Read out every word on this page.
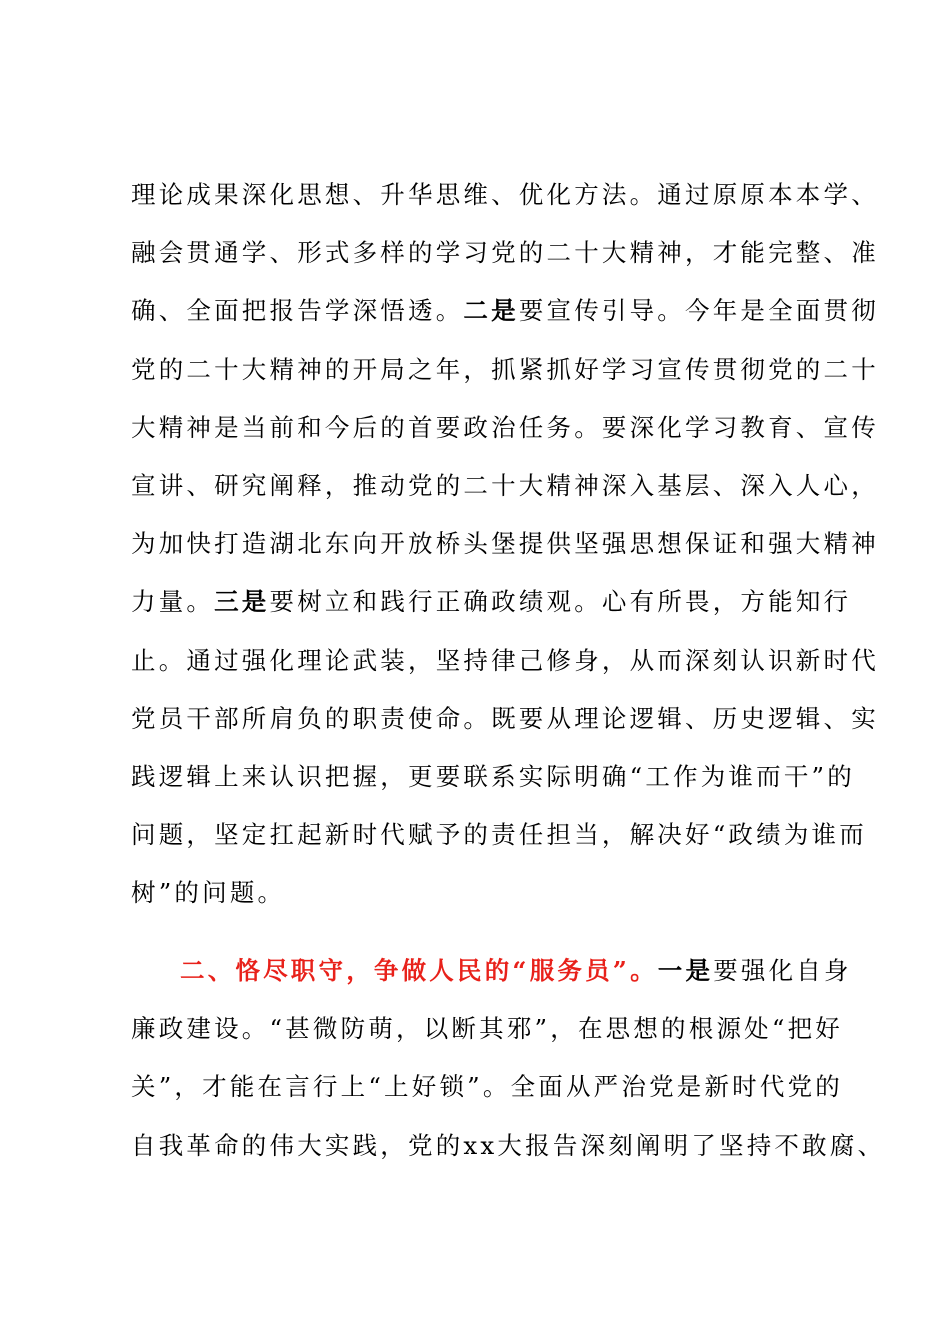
理论成果深化思想、升华思维、优化方法。通过原原本本学、
融会贯通学、形式多样的学习党的二十大精神，才能完整、准
确、全面把报告学深悟透。二是要宣传引导。今年是全面贯彻
党的二十大精神的开局之年，抓紧抓好学习宣传贯彻党的二十
大精神是当前和今后的首要政治任务。要深化学习教育、宣传
宣讲、研究阐释，推动党的二十大精神深入基层、深入人心，
为加快打造湖北东向开放桥头堡提供坚强思想保证和强大精神
力量。三是要树立和践行正确政绩观。心有所畏，方能知行
止。通过强化理论武装，坚持律己修身，从而深刻认识新时代
党员干部所肩负的职责使命。既要从理论逻辑、历史逻辑、实
践逻辑上来认识把握，更要联系实际明确“工作为谁而干”的
问题，坚定扛起新时代赋予的责任担当，解决好“政绩为谁而
树”的问题。
二、恪尽职守，争做人民的“服务员”。一是要强化自身
廉政建设。“甚微防萌，以断其邪”，在思想的根源处“把好
关”，才能在言行上“上好锁”。全面从严治党是新时代党的
自我革命的伟大实践，党的xx大报告深刻阐明了坚持不敢腐、
